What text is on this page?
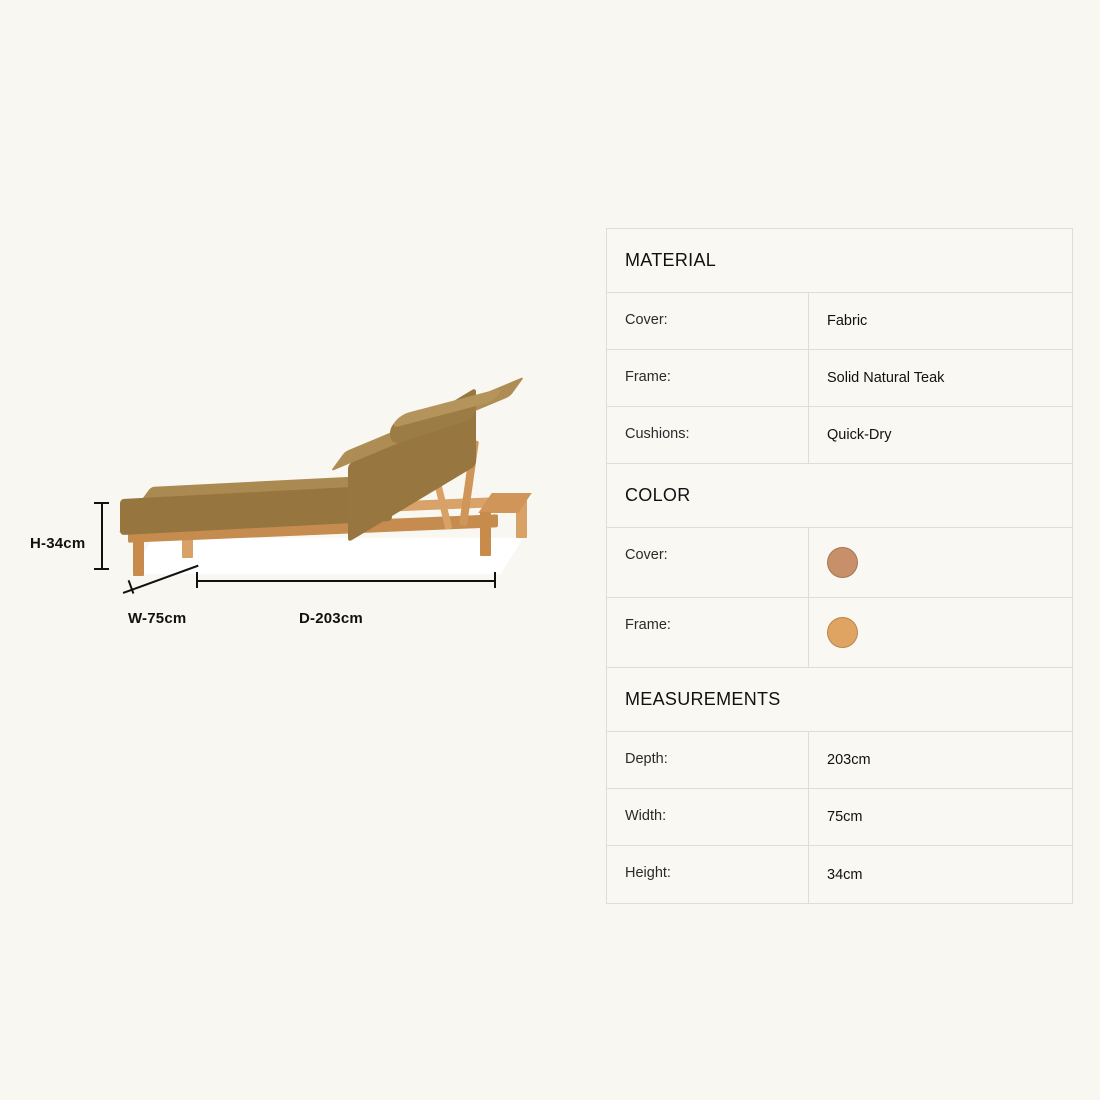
H-34cm
D-203cm
W-75cm
MATERIAL
Cover:	Fabric
Frame:	Solid Natural Teak
Cushions:	Quick-Dry
COLOR
Cover:
Frame:
MEASUREMENTS
Depth:	203cm
Width:	75cm
Height:	34cm
